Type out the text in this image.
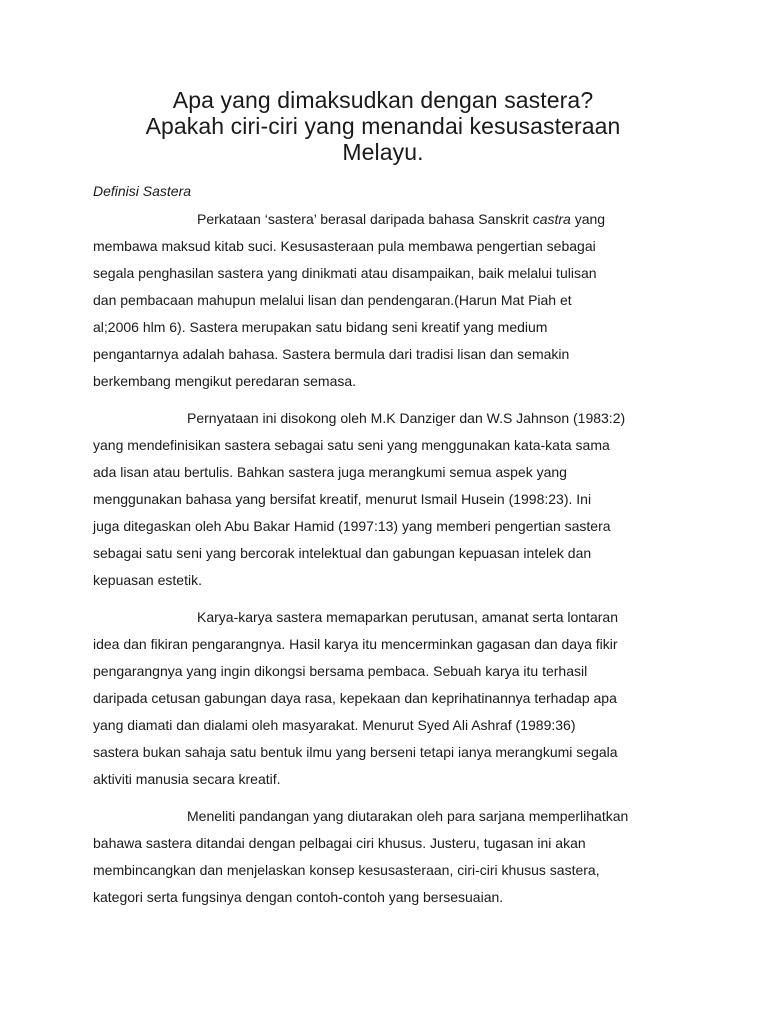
Apa yang dimaksudkan dengan sastera?
Apakah ciri-ciri yang menandai kesusasteraan
Melayu.

Definisi Sastera

Perkataan ‘sastera’ berasal daripada bahasa Sanskrit castra yang
membawa maksud kitab suci. Kesusasteraan pula membawa pengertian sebagai
segala penghasilan sastera yang dinikmati atau disampaikan, baik melalui tulisan
dan pembacaan mahupun melalui lisan dan pendengaran.(Harun Mat Piah et
al;2006 hlm 6). Sastera merupakan satu bidang seni kreatif yang medium
pengantarnya adalah bahasa. Sastera bermula dari tradisi lisan dan semakin
berkembang mengikut peredaran semasa.
Pernyataan ini disokong oleh M.K Danziger dan W.S Jahnson (1983:2)
yang mendefinisikan sastera sebagai satu seni yang menggunakan kata-kata sama
ada lisan atau bertulis. Bahkan sastera juga merangkumi semua aspek yang
menggunakan bahasa yang bersifat kreatif, menurut Ismail Husein (1998:23). Ini
juga ditegaskan oleh Abu Bakar Hamid (1997:13) yang memberi pengertian sastera
sebagai satu seni yang bercorak intelektual dan gabungan kepuasan intelek dan
kepuasan estetik.
Karya-karya sastera memaparkan perutusan, amanat serta lontaran
idea dan fikiran pengarangnya. Hasil karya itu mencerminkan gagasan dan daya fikir
pengarangnya yang ingin dikongsi bersama pembaca. Sebuah karya itu terhasil
daripada cetusan gabungan daya rasa, kepekaan dan keprihatinannya terhadap apa
yang diamati dan dialami oleh masyarakat. Menurut Syed Ali Ashraf (1989:36)
sastera bukan sahaja satu bentuk ilmu yang berseni tetapi ianya merangkumi segala
aktiviti manusia secara kreatif.
Meneliti pandangan yang diutarakan oleh para sarjana memperlihatkan
bahawa sastera ditandai dengan pelbagai ciri khusus. Justeru, tugasan ini akan
membincangkan dan menjelaskan konsep kesusasteraan, ciri-ciri khusus sastera,
kategori serta fungsinya dengan contoh-contoh yang bersesuaian.
